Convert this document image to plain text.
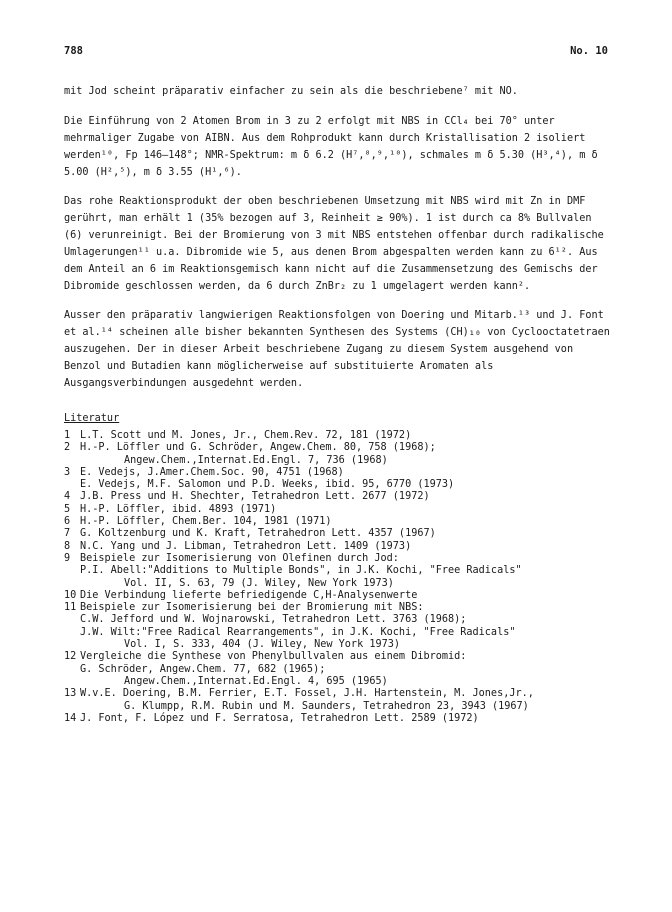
788	No. 10

mit Jod scheint präparativ einfacher zu sein als die beschriebene⁷ mit NO.

Die Einführung von 2 Atomen Brom in 3 zu 2 erfolgt mit NBS in CCl₄ bei 70° unter mehrmaliger Zugabe von AIBN. Aus dem Rohprodukt kann durch Kristallisation 2 isoliert werden¹⁰, Fp 146–148°; NMR-Spektrum: m δ 6.2 (H⁷,⁸,⁹,¹⁰), schmales m δ 5.30 (H³,⁴), m δ 5.00 (H²,⁵), m δ 3.55 (H¹,⁶).

Das rohe Reaktionsprodukt der oben beschriebenen Umsetzung mit NBS wird mit Zn in DMF gerührt, man erhält 1 (35% bezogen auf 3, Reinheit ≥ 90%). 1 ist durch ca 8% Bullvalen (6) verunreinigt. Bei der Bromierung von 3 mit NBS entstehen offenbar durch radikalische Umlagerungen¹¹ u.a. Dibromide wie 5, aus denen Brom abgespalten werden kann zu 6¹². Aus dem Anteil an 6 im Reaktionsgemisch kann nicht auf die Zusammensetzung des Gemischs der Dibromide geschlossen werden, da 6 durch ZnBr₂ zu 1 umgelagert werden kann².

Ausser den präparativ langwierigen Reaktionsfolgen von Doering und Mitarb.¹³ und J. Font et al.¹⁴ scheinen alle bisher bekannten Synthesen des Systems (CH)₁₀ von Cyclooctatetraen auszugehen. Der in dieser Arbeit beschriebene Zugang zu diesem System ausgehend von Benzol und Butadien kann möglicherweise auf substituierte Aromaten als Ausgangsverbindungen ausgedehnt werden.

Literatur
1 L.T. Scott und M. Jones, Jr., Chem.Rev. 72, 181 (1972)
2 H.-P. Löffler und G. Schröder, Angew.Chem. 80, 758 (1968);
Angew.Chem.,Internat.Ed.Engl. 7, 736 (1968)
3 E. Vedejs, J.Amer.Chem.Soc. 90, 4751 (1968)
E. Vedejs, M.F. Salomon und P.D. Weeks, ibid. 95, 6770 (1973)
4 J.B. Press und H. Shechter, Tetrahedron Lett. 2677 (1972)
5 H.-P. Löffler, ibid. 4893 (1971)
6 H.-P. Löffler, Chem.Ber. 104, 1981 (1971)
7 G. Koltzenburg und K. Kraft, Tetrahedron Lett. 4357 (1967)
8 N.C. Yang und J. Libman, Tetrahedron Lett. 1409 (1973)
9 Beispiele zur Isomerisierung von Olefinen durch Jod:
P.I. Abell:"Additions to Multiple Bonds", in J.K. Kochi, "Free Radicals"
Vol. II, S. 63, 79 (J. Wiley, New York 1973)
10 Die Verbindung lieferte befriedigende C,H-Analysenwerte
11 Beispiele zur Isomerisierung bei der Bromierung mit NBS:
C.W. Jefford und W. Wojnarowski, Tetrahedron Lett. 3763 (1968);
J.W. Wilt:"Free Radical Rearrangements", in J.K. Kochi, "Free Radicals"
Vol. I, S. 333, 404 (J. Wiley, New York 1973)
12 Vergleiche die Synthese von Phenylbullvalen aus einem Dibromid:
G. Schröder, Angew.Chem. 77, 682 (1965);
Angew.Chem.,Internat.Ed.Engl. 4, 695 (1965)
13 W.v.E. Doering, B.M. Ferrier, E.T. Fossel, J.H. Hartenstein, M. Jones,Jr.,
G. Klumpp, R.M. Rubin und M. Saunders, Tetrahedron 23, 3943 (1967)
14 J. Font, F. López und F. Serratosa, Tetrahedron Lett. 2589 (1972)
